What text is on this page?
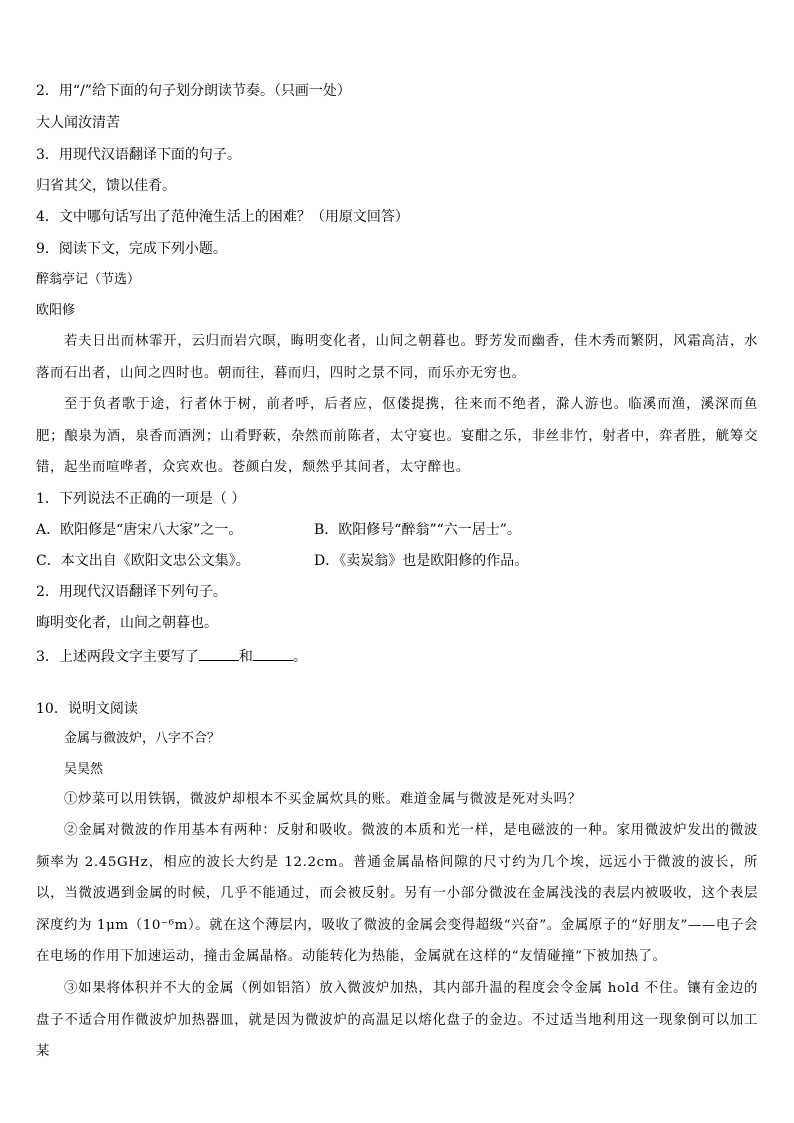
2．用“/”给下面的句子划分朗读节奏。（只画一处）

大人闻汝清苦

3．用现代汉语翻译下面的句子。

归省其父，馈以佳肴。

4．文中哪句话写出了范仲淹生活上的困难？（用原文回答）

9．阅读下文，完成下列小题。

醉翁亭记（节选）

欧阳修

若夫日出而林霏开，云归而岩穴暝，晦明变化者，山间之朝暮也。野芳发而幽香，佳木秀而繁阴，风霜高洁，水落而石出者，山间之四时也。朝而往，暮而归，四时之景不同，而乐亦无穷也。

至于负者歌于途，行者休于树，前者呼，后者应，伛偻提携，往来而不绝者，滁人游也。临溪而渔，溪深而鱼肥；酿泉为酒，泉香而酒洌；山肴野蔌，杂然而前陈者，太守宴也。宴酣之乐，非丝非竹，射者中，弈者胜，觥筹交错，起坐而喧哗者，众宾欢也。苍颜白发，颓然乎其间者，太守醉也。

1．下列说法不正确的一项是（ ）

A．欧阳修是“唐宋八大家”之一。	B．欧阳修号“醉翁”“六一居士”。

C．本文出自《欧阳文忠公文集》。	D．《卖炭翁》也是欧阳修的作品。

2．用现代汉语翻译下列句子。

晦明变化者，山间之朝暮也。

3．上述两段文字主要写了	和	。

10．说明文阅读

金属与微波炉，八字不合？

吴昊然

①炒菜可以用铁锅，微波炉却根本不买金属炊具的账。难道金属与微波是死对头吗？

②金属对微波的作用基本有两种：反射和吸收。微波的本质和光一样，是电磁波的一种。家用微波炉发出的微波频率为 2.45GHz，相应的波长大约是 12.2cm。普通金属晶格间隙的尺寸约为几个埃，远远小于微波的波长，所以，当微波遇到金属的时候，几乎不能通过，而会被反射。另有一小部分微波在金属浅浅的表层内被吸收，这个表层深度约为 1μm（10⁻⁶m）。就在这个薄层内，吸收了微波的金属会变得超级“兴奋”。金属原子的“好朋友”——电子会在电场的作用下加速运动，撞击金属晶格。动能转化为热能，金属就在这样的“友情碰撞”下被加热了。

③如果将体积并不大的金属（例如铝箔）放入微波炉加热，其内部升温的程度会令金属 hold 不住。镶有金边的盘子不适合用作微波炉加热器皿，就是因为微波炉的高温足以熔化盘子的金边。不过适当地利用这一现象倒可以加工某
